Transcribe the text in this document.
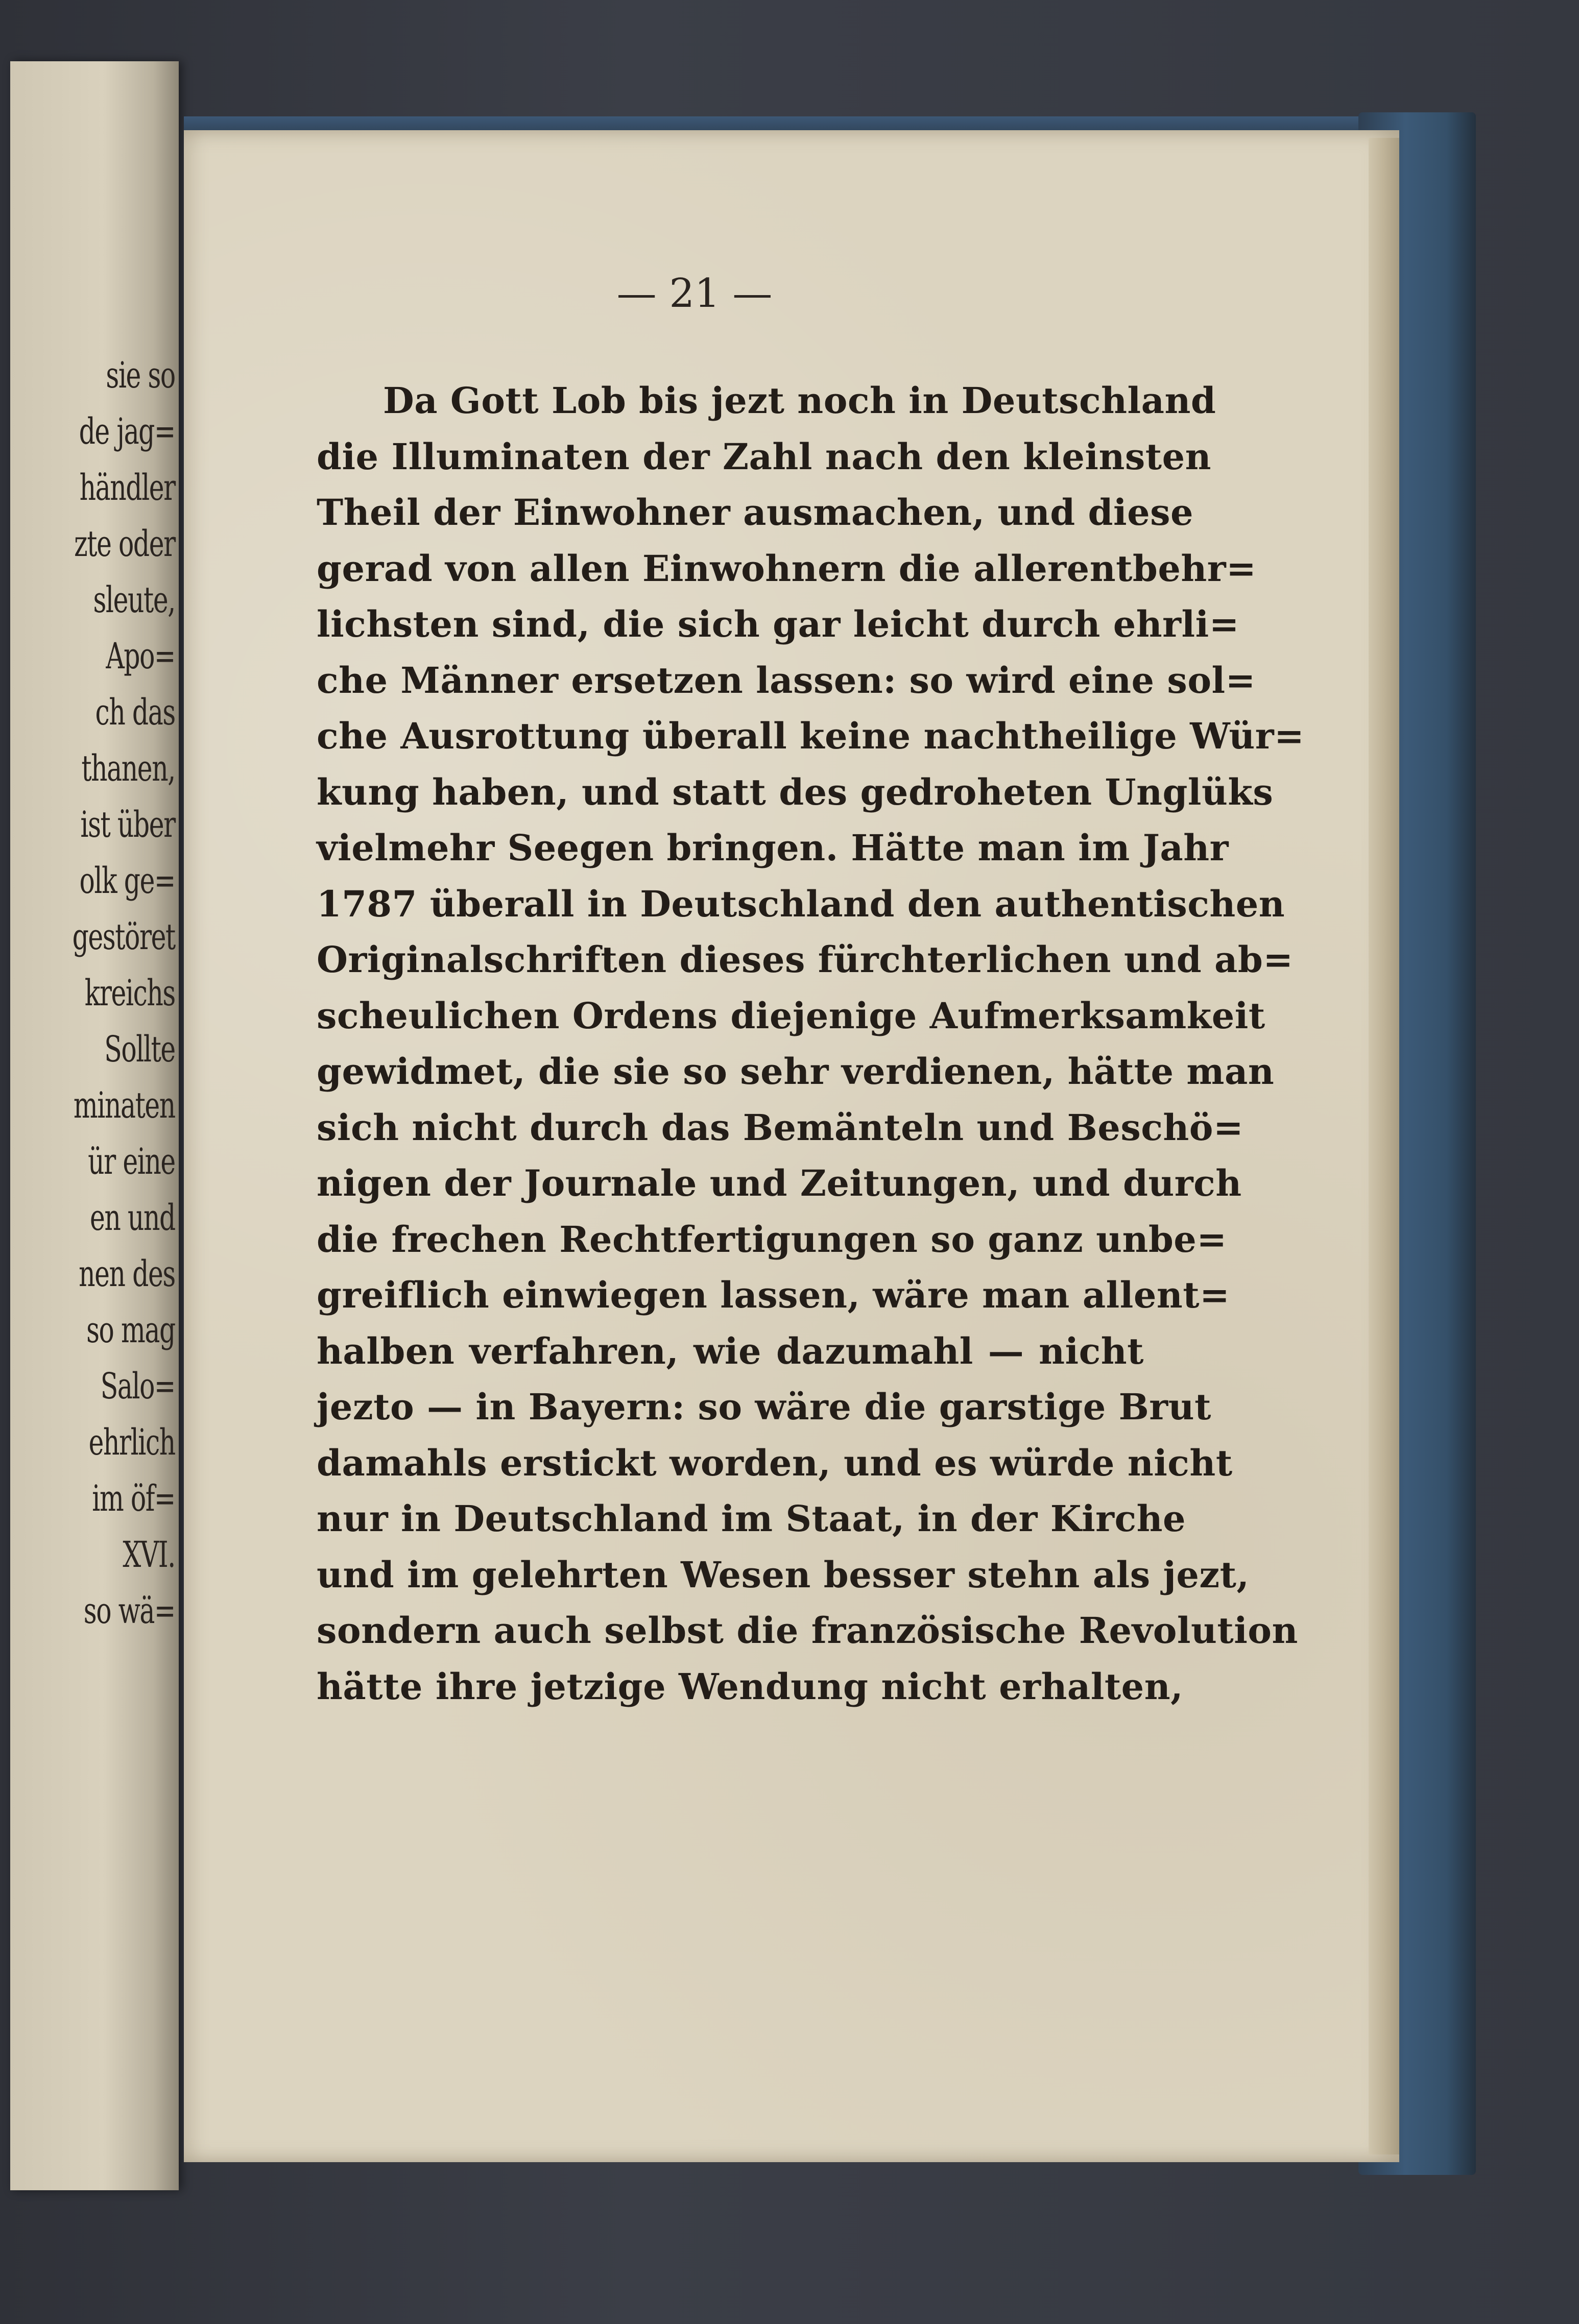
sie so
de jag=
händler
zte oder
sleute,
Apo=
ch das
thanen,
ist über
olk ge=
gestöret
kreichs
Sollte
minaten
ür eine
en und
nen des
so mag
Salo=
ehrlich
im öf=
XVI.
so wä=
— 21 —
Da Gott Lob bis jezt noch in Deutschland
die Illuminaten der Zahl nach den kleinsten
Theil der Einwohner ausmachen, und diese
gerad von allen Einwohnern die allerentbehr=
lichsten sind, die sich gar leicht durch ehrli=
che Männer ersetzen lassen: so wird eine sol=
che Ausrottung überall keine nachtheilige Wür=
kung haben, und statt des gedroheten Unglüks
vielmehr Seegen bringen. Hätte man im Jahr
1787 überall in Deutschland den authentischen
Originalschriften dieses fürchterlichen und ab=
scheulichen Ordens diejenige Aufmerksamkeit
gewidmet, die sie so sehr verdienen, hätte man
sich nicht durch das Bemänteln und Beschö=
nigen der Journale und Zeitungen, und durch
die frechen Rechtfertigungen so ganz unbe=
greiflich einwiegen lassen, wäre man allent=
halben verfahren, wie dazumahl — nicht
jezto — in Bayern: so wäre die garstige Brut
damahls erstickt worden, und es würde nicht
nur in Deutschland im Staat, in der Kirche
und im gelehrten Wesen besser stehn als jezt,
sondern auch selbst die französische Revolution
hätte ihre jetzige Wendung nicht erhalten,
